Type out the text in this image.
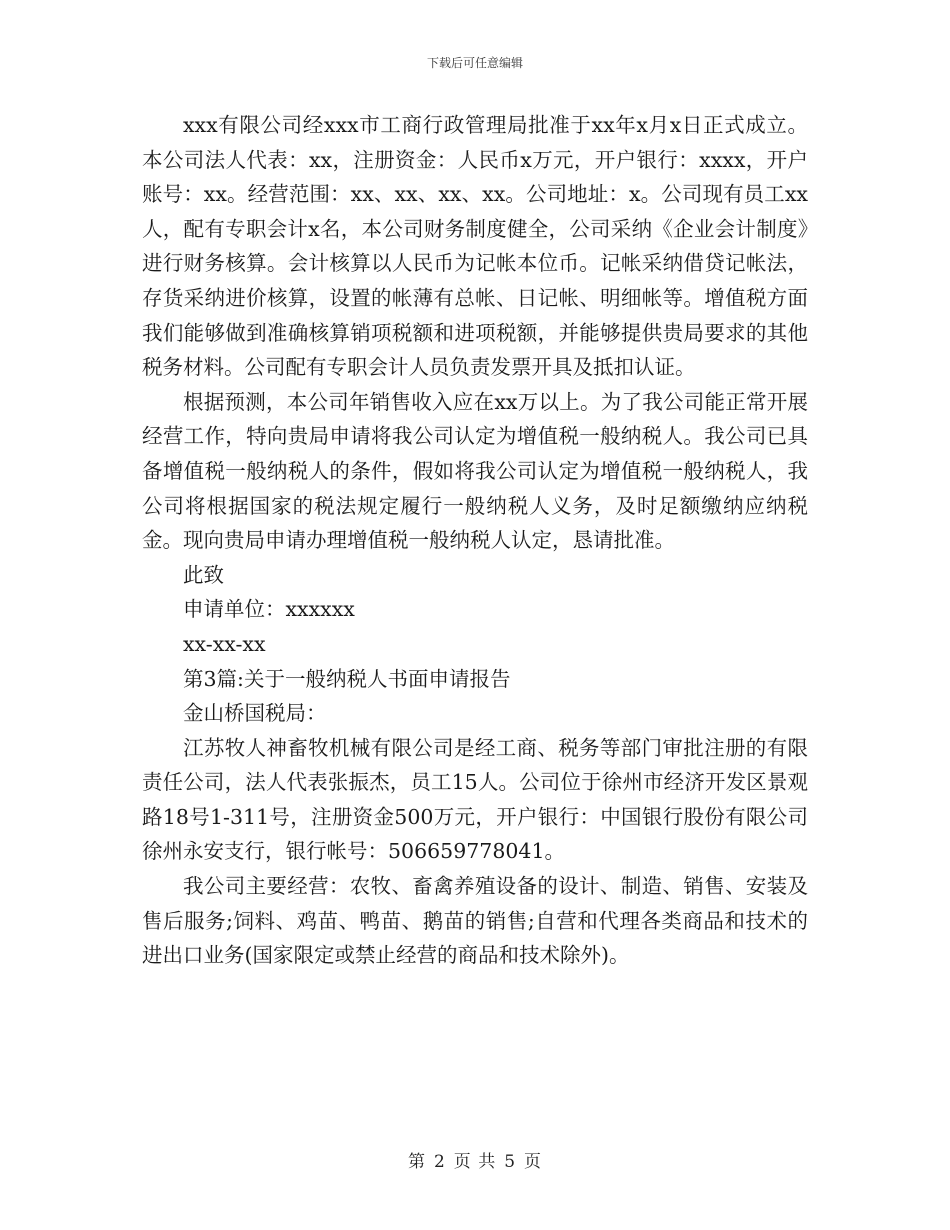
下载后可任意编辑

xxx有限公司经xxx市工商行政管理局批准于xx年x月x日正式成立。本公司法人代表：xx，注册资金：人民币x万元，开户银行：xxxx，开户账号：xx。经营范围：xx、xx、xx、xx。公司地址：x。公司现有员工xx人，配有专职会计x名，本公司财务制度健全，公司采纳《企业会计制度》进行财务核算。会计核算以人民币为记帐本位币。记帐采纳借贷记帐法，存货采纳进价核算，设置的帐薄有总帐、日记帐、明细帐等。增值税方面我们能够做到准确核算销项税额和进项税额，并能够提供贵局要求的其他税务材料。公司配有专职会计人员负责发票开具及抵扣认证。

根据预测，本公司年销售收入应在xx万以上。为了我公司能正常开展经营工作，特向贵局申请将我公司认定为增值税一般纳税人。我公司已具备增值税一般纳税人的条件，假如将我公司认定为增值税一般纳税人，我公司将根据国家的税法规定履行一般纳税人义务，及时足额缴纳应纳税金。现向贵局申请办理增值税一般纳税人认定，恳请批准。

此致

申请单位：xxxxxx

xx-xx-xx

第3篇:关于一般纳税人书面申请报告

金山桥国税局：

江苏牧人神畜牧机械有限公司是经工商、税务等部门审批注册的有限责任公司，法人代表张振杰，员工15人。公司位于徐州市经济开发区景观路18号1-311号，注册资金500万元，开户银行：中国银行股份有限公司徐州永安支行，银行帐号：506659778041。

我公司主要经营：农牧、畜禽养殖设备的设计、制造、销售、安装及售后服务;饲料、鸡苗、鸭苗、鹅苗的销售;自营和代理各类商品和技术的进出口业务(国家限定或禁止经营的商品和技术除外)。

第 2 页 共 5 页
